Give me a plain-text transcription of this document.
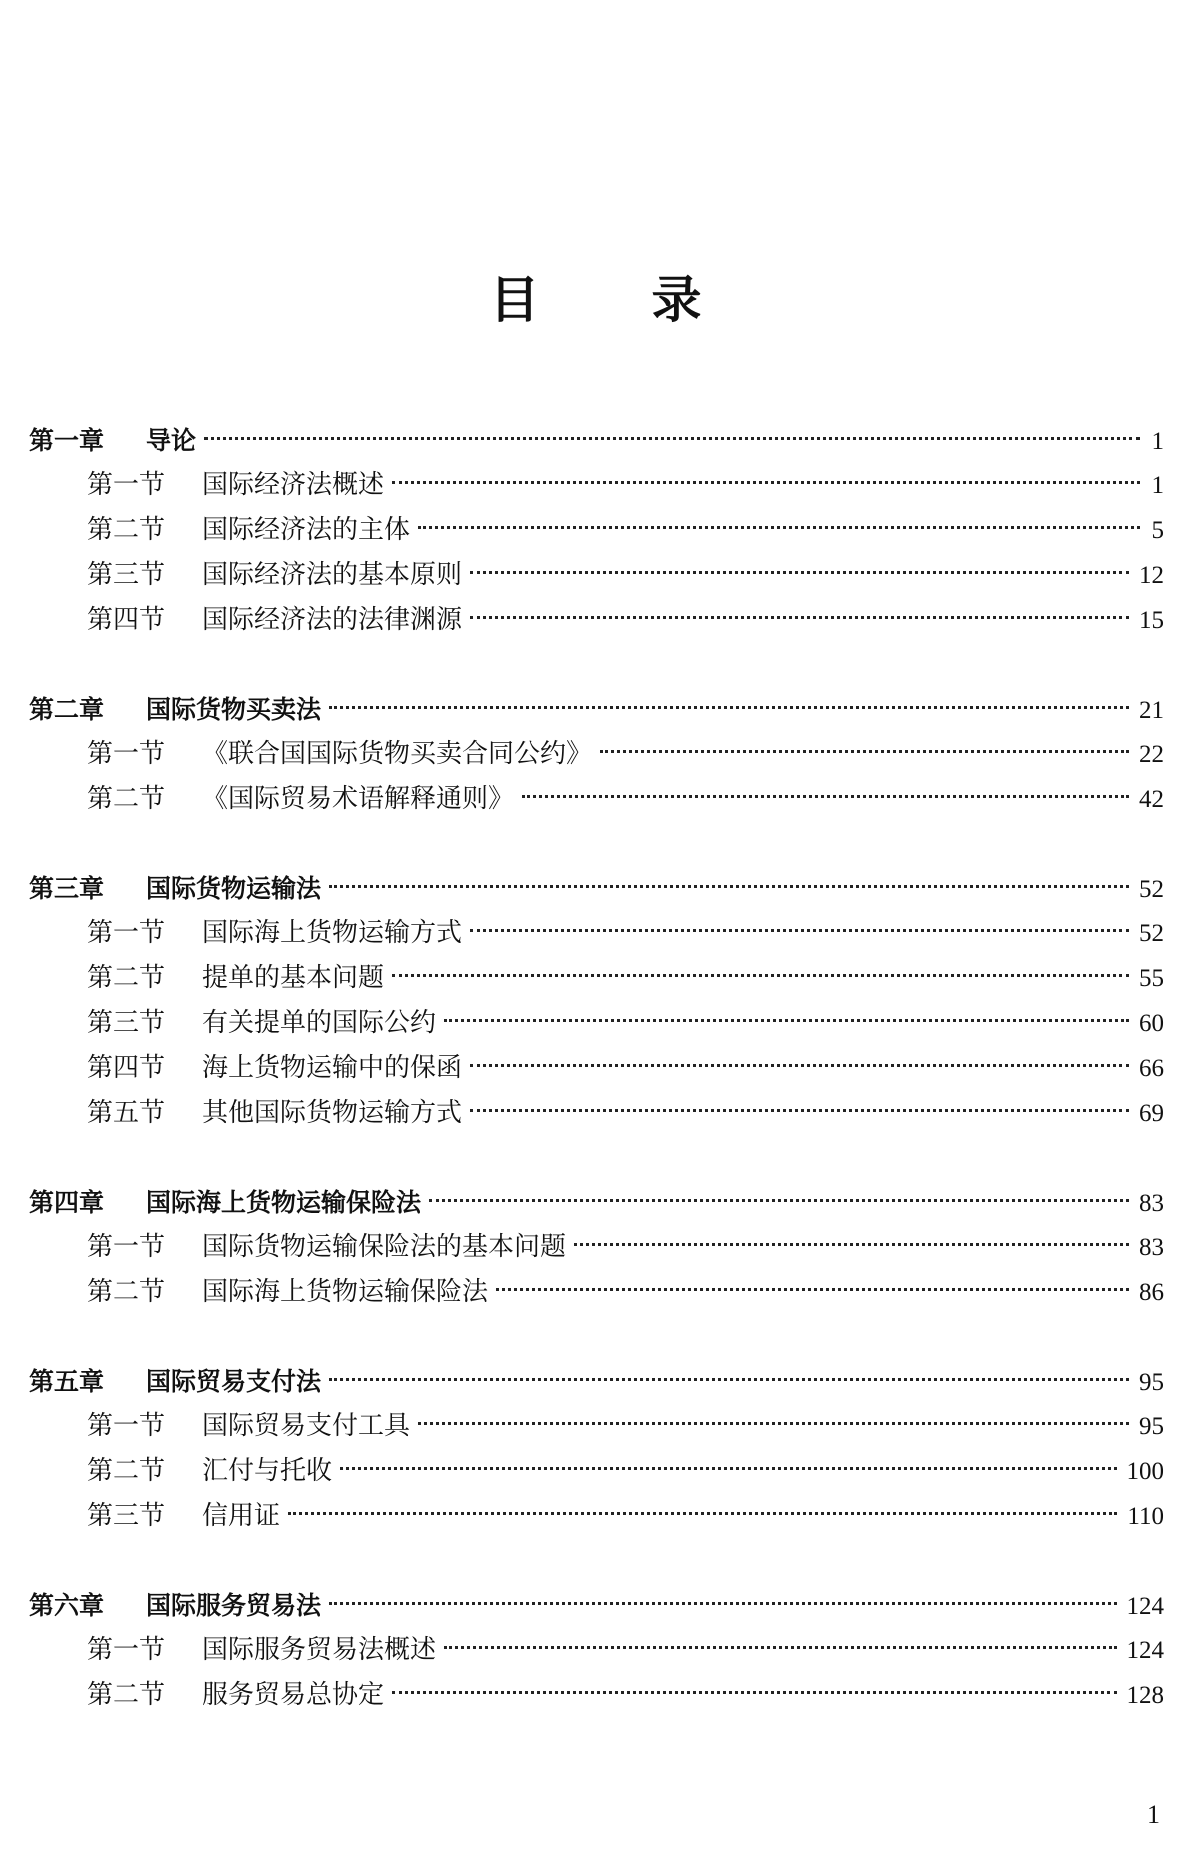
目 录
第一章	导论	1
第一节	国际经济法概述	1
第二节	国际经济法的主体	5
第三节	国际经济法的基本原则	12
第四节	国际经济法的法律渊源	15
第二章	国际货物买卖法	21
第一节	《联合国国际货物买卖合同公约》	22
第二节	《国际贸易术语解释通则》	42
第三章	国际货物运输法	52
第一节	国际海上货物运输方式	52
第二节	提单的基本问题	55
第三节	有关提单的国际公约	60
第四节	海上货物运输中的保函	66
第五节	其他国际货物运输方式	69
第四章	国际海上货物运输保险法	83
第一节	国际货物运输保险法的基本问题	83
第二节	国际海上货物运输保险法	86
第五章	国际贸易支付法	95
第一节	国际贸易支付工具	95
第二节	汇付与托收	100
第三节	信用证	110
第六章	国际服务贸易法	124
第一节	国际服务贸易法概述	124
第二节	服务贸易总协定	128
1
